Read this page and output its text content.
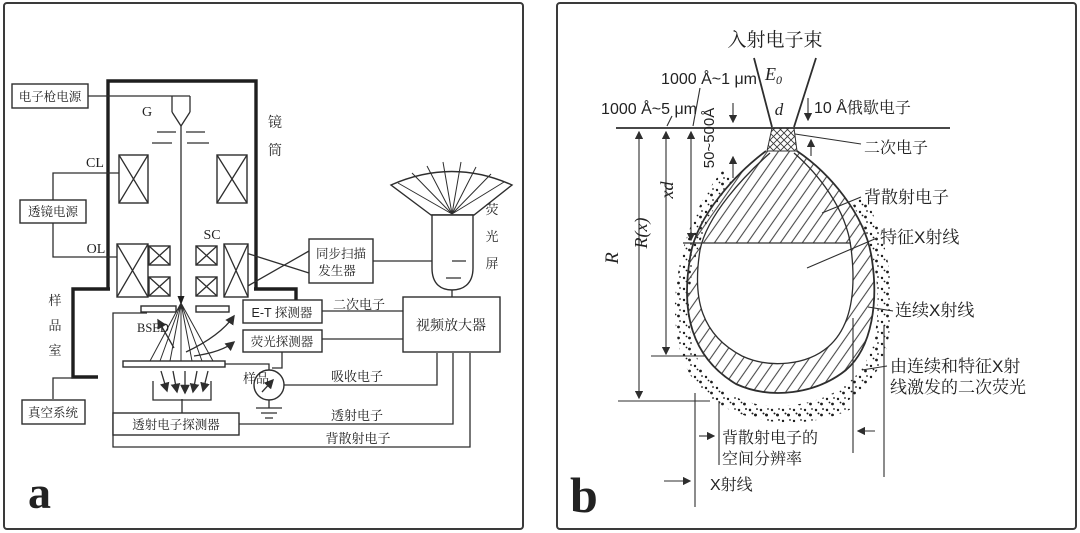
电子枪电源
透镜电源
真空系统
同步扫描
发生器
E-T 探测器
荧光探测器
视频放大器
透射电子探测器
G
CL
OL
SC
BSED
样品
镜筒
样品室
荧光屏
二次电子
吸收电子
透射电子
背散射电子
a
入射电子束
$E_0$
d
1000 Å~1 μm
1000 Å~5 μm 50~500Å	10 Å俄歇电子
二次电子
背散射电子
特征X射线
连续X射线
由连续和特征X射
线激发的二次荧光
R
R(x)
xd
背散射电子的
空间分辨率
X射线
b
